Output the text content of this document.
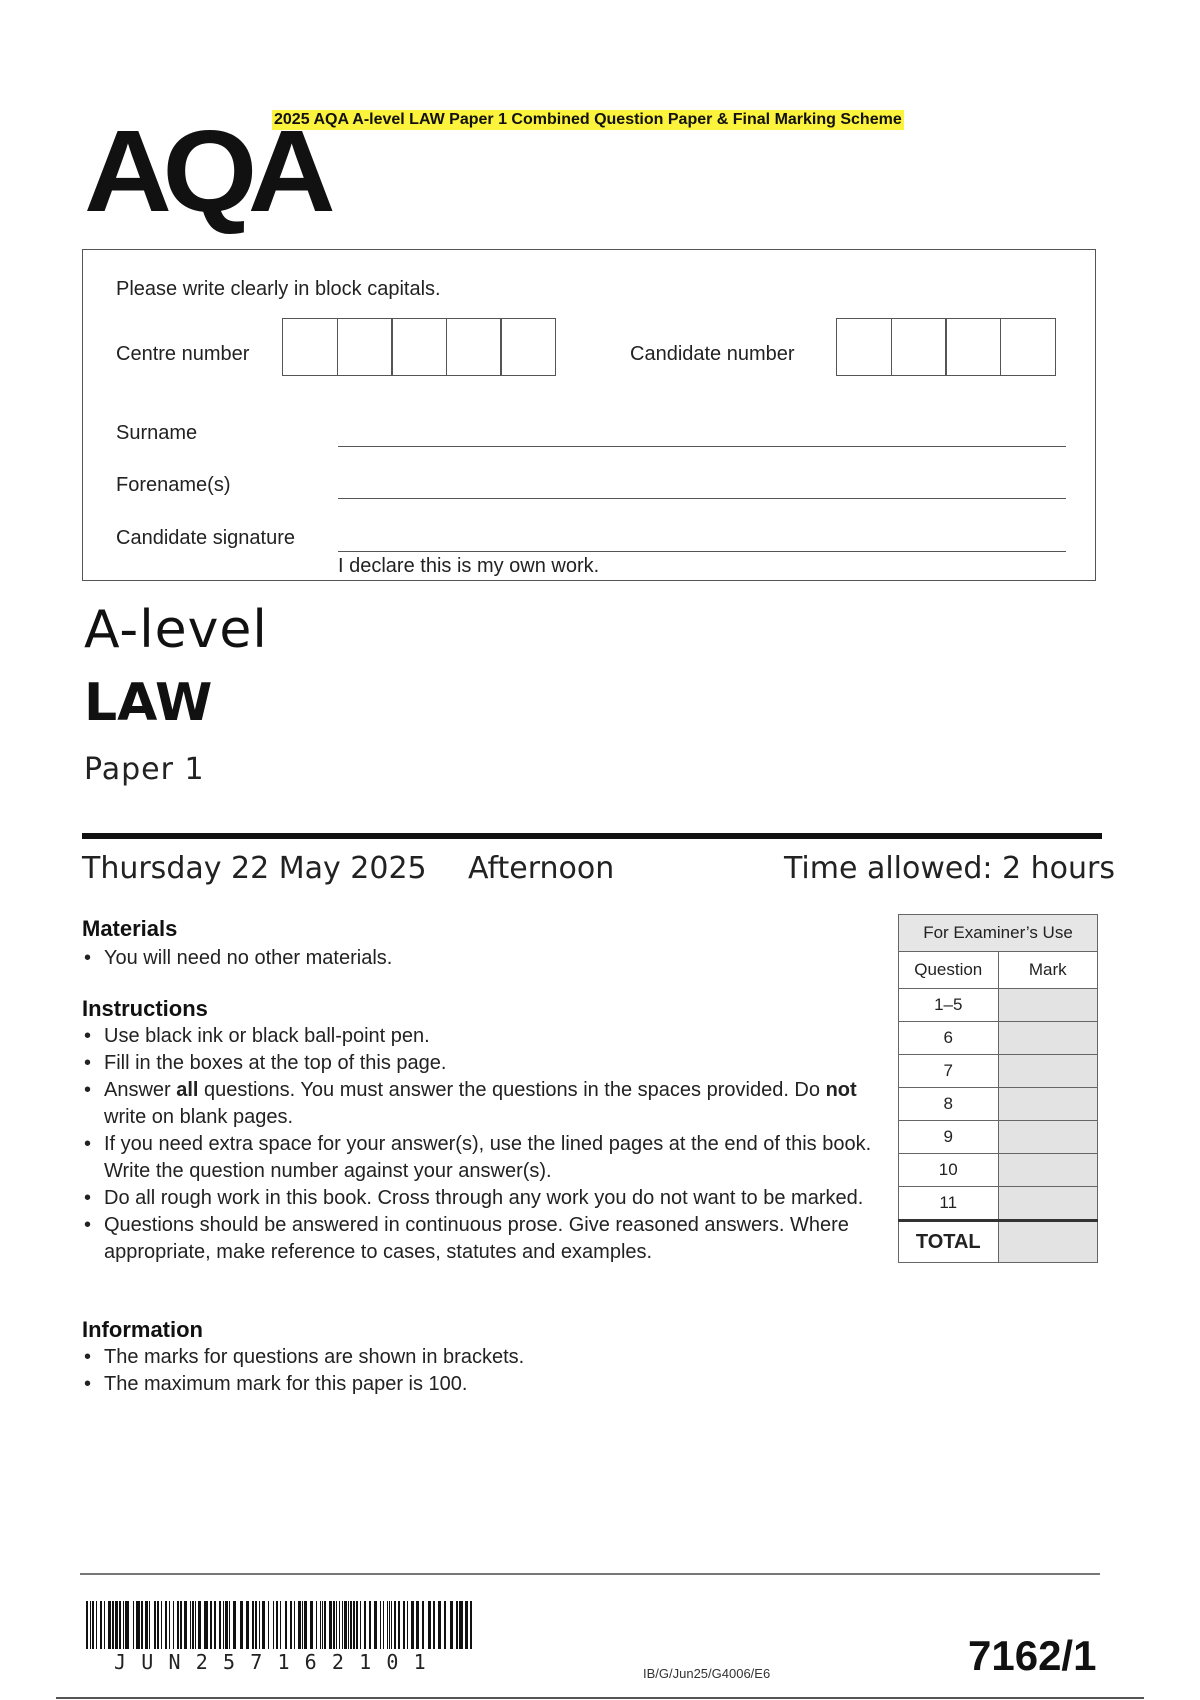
2025 AQA A-level LAW Paper 1 Combined Question Paper & Final Marking Scheme
AQA
Please write clearly in block capitals.
Centre number	Candidate number
Surname
Forename(s)
Candidate signature
I declare this is my own work.
A-level
LAW
Paper 1
Thursday 22 May 2025 Afternoon	Time allowed: 2 hours
Materials
• You will need no other materials.
Instructions
• Use black ink or black ball-point pen.
• Fill in the boxes at the top of this page.
• Answer all questions. You must answer the questions in the spaces provided. Do not write on blank pages.
• If you need extra space for your answer(s), use the lined pages at the end of this book. Write the question number against your answer(s).
• Do all rough work in this book. Cross through any work you do not want to be marked.
• Questions should be answered in continuous prose. Give reasoned answers. Where appropriate, make reference to cases, statutes and examples.
Information
• The marks for questions are shown in brackets.
• The maximum mark for this paper is 100.
For Examiner’s Use	
Question	Mark
1–5	
6	
7	
8	
9	
10	
11	
TOTAL	
JUN257162101	IB/G/Jun25/G4006/E6	7162/1
